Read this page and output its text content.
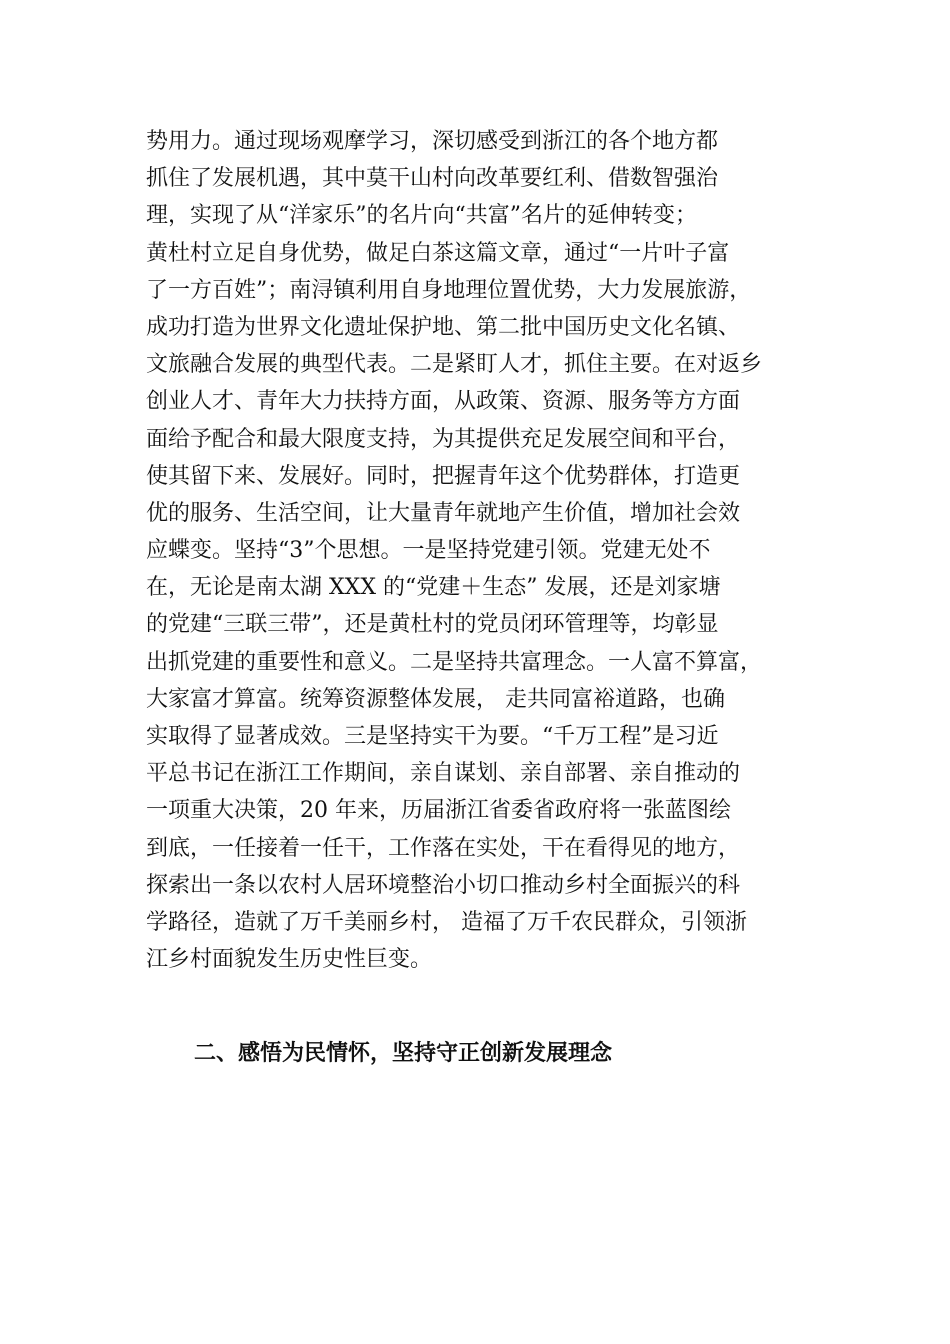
势用力。通过现场观摩学习，深切感受到浙江的各个地方都
抓住了发展机遇，其中莫干山村向改革要红利、借数智强治
理，实现了从“洋家乐”的名片向“共富”名片的延伸转变；
黄杜村立足自身优势，做足白茶这篇文章，通过“一片叶子富
了一方百姓”；南浔镇利用自身地理位置优势，大力发展旅游，
成功打造为世界文化遗址保护地、第二批中国历史文化名镇、
文旅融合发展的典型代表。二是紧盯人才，抓住主要。在对返乡
创业人才、青年大力扶持方面，从政策、资源、服务等方方面
面给予配合和最大限度支持，为其提供充足发展空间和平台，
使其留下来、发展好。同时，把握青年这个优势群体，打造更
优的服务、生活空间，让大量青年就地产生价值，增加社会效
应蝶变。坚持“3”个思想。一是坚持党建引领。党建无处不
在，无论是南太湖 XXX 的“党建＋生态” 发展，还是刘家塘
的党建“三联三带”，还是黄杜村的党员闭环管理等，均彰显
出抓党建的重要性和意义。二是坚持共富理念。一人富不算富，
大家富才算富。统筹资源整体发展， 走共同富裕道路，也确
实取得了显著成效。三是坚持实干为要。“千万工程”是习近
平总书记在浙江工作期间，亲自谋划、亲自部署、亲自推动的
一项重大决策，20 年来，历届浙江省委省政府将一张蓝图绘
到底，一任接着一任干，工作落在实处，干在看得见的地方，
探索出一条以农村人居环境整治小切口推动乡村全面振兴的科
学路径，造就了万千美丽乡村， 造福了万千农民群众，引领浙
江乡村面貌发生历史性巨变。
二、感悟为民情怀，坚持守正创新发展理念
